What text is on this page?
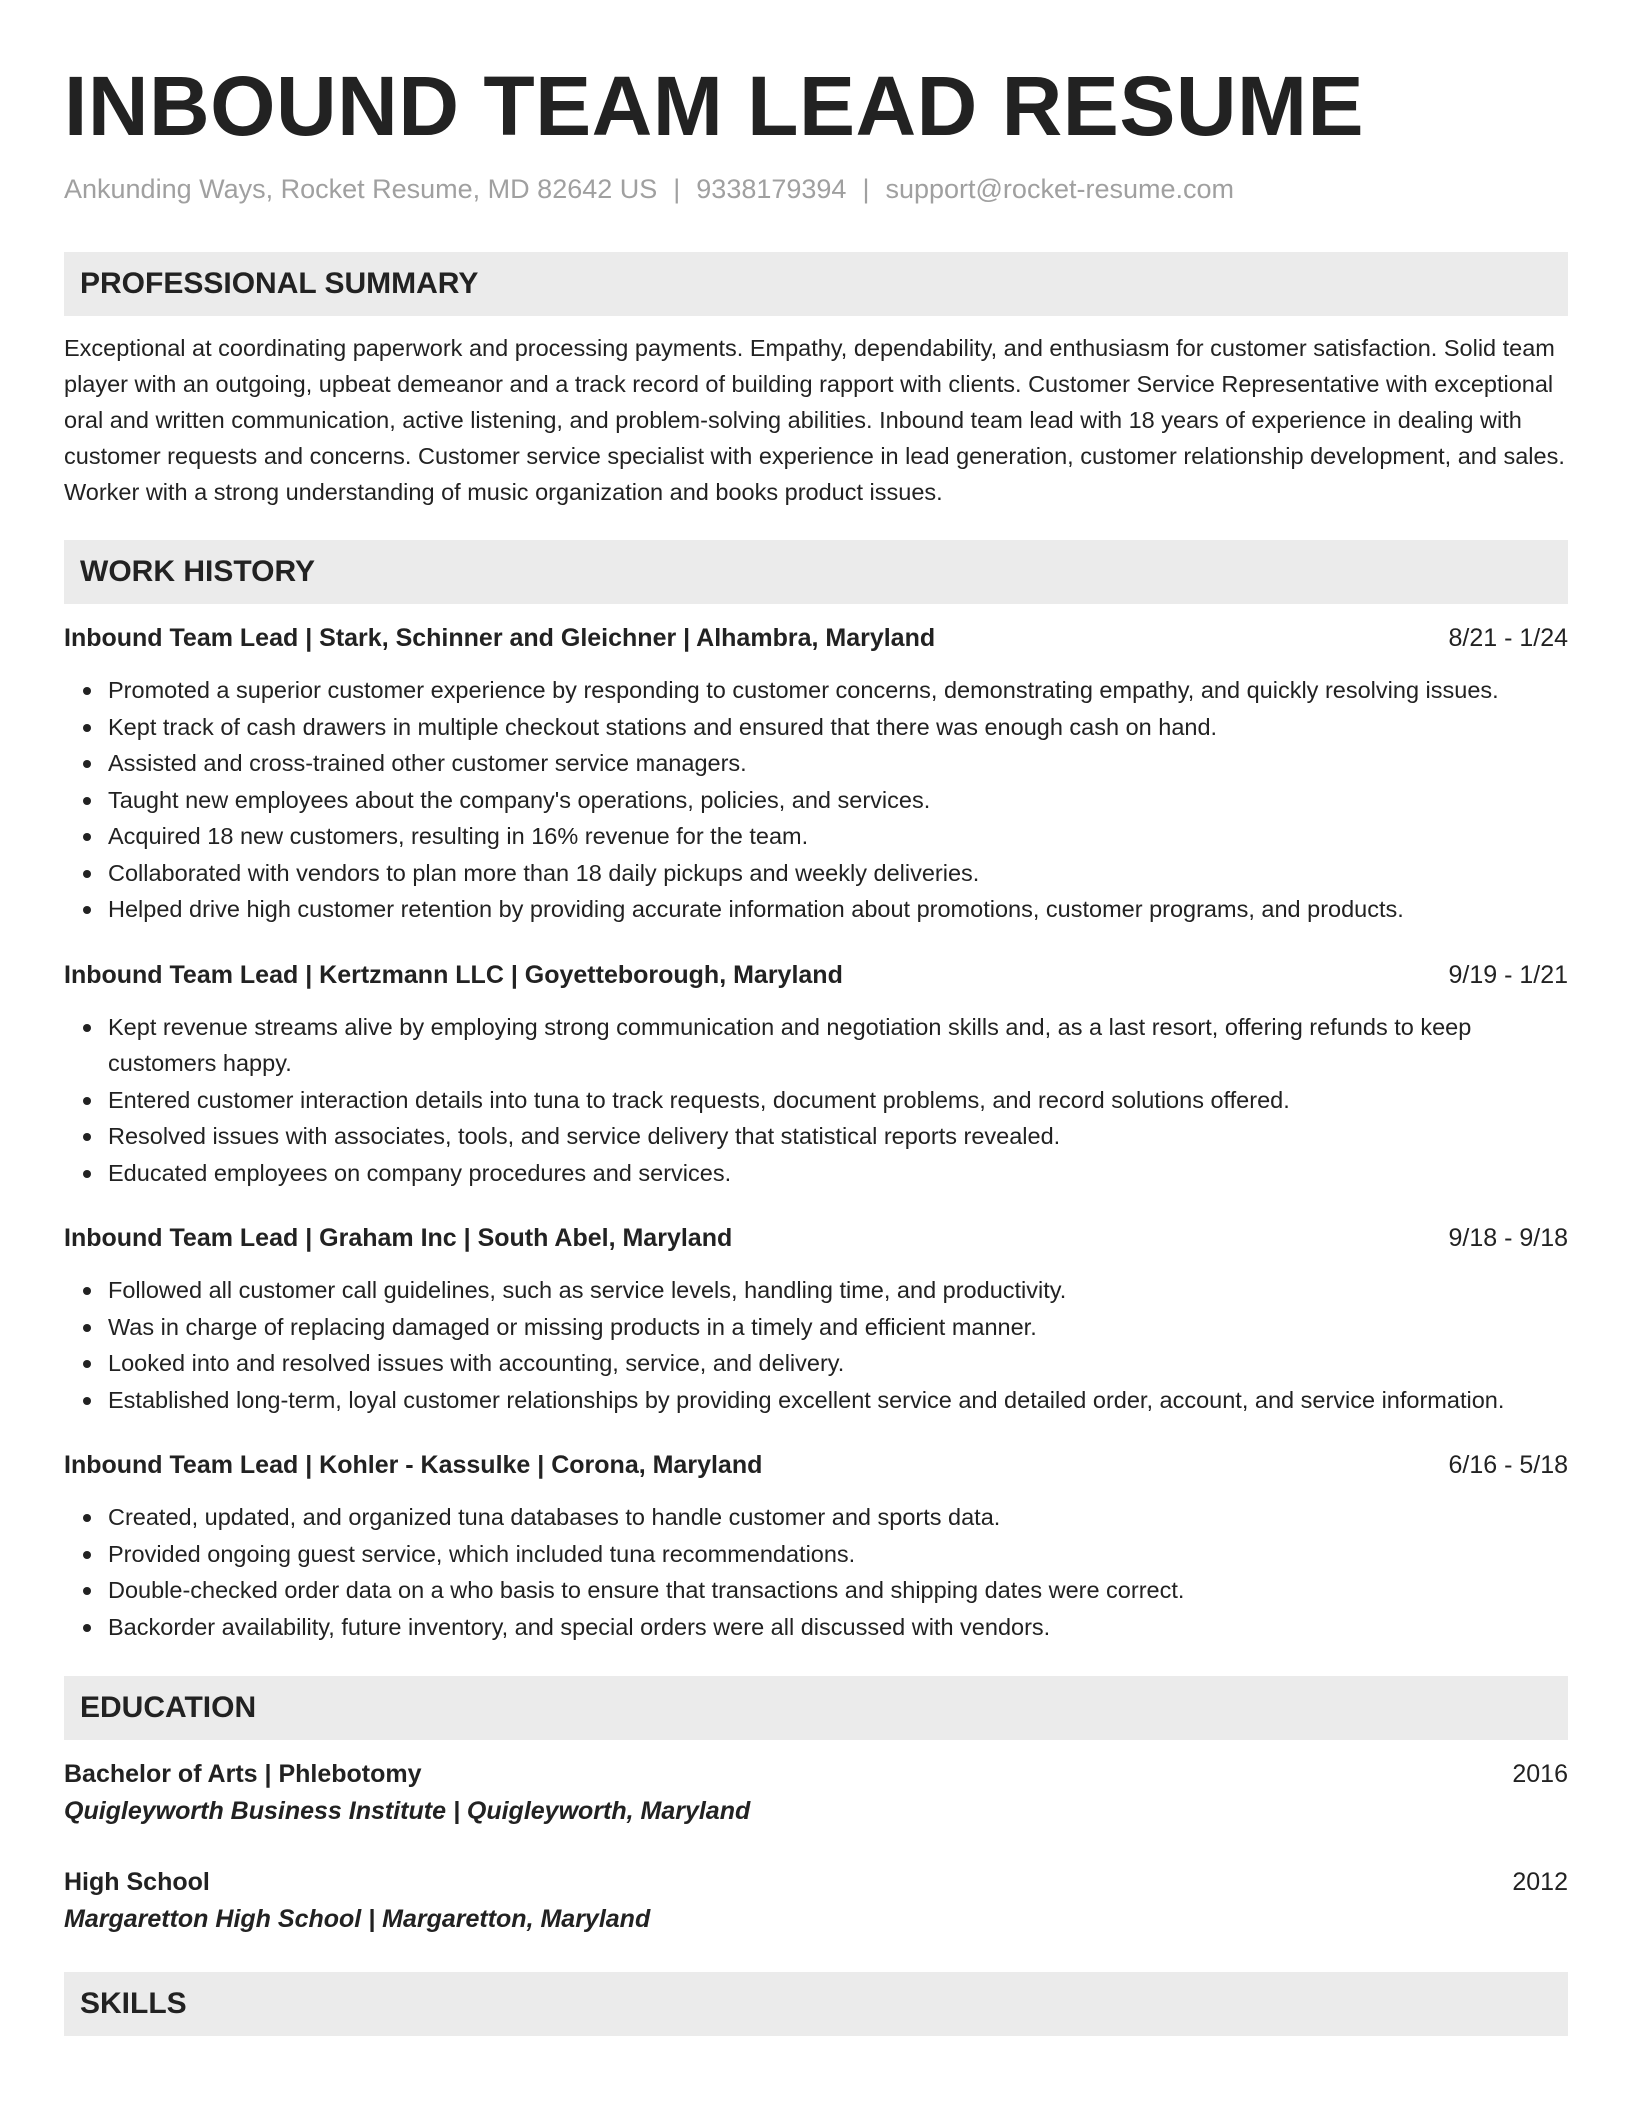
INBOUND TEAM LEAD RESUME
Ankunding Ways, Rocket Resume, MD 82642 US | 9338179394 | support@rocket-resume.com
PROFESSIONAL SUMMARY

Exceptional at coordinating paperwork and processing payments. Empathy, dependability, and enthusiasm for customer satisfaction. Solid team player with an outgoing, upbeat demeanor and a track record of building rapport with clients. Customer Service Representative with exceptional oral and written communication, active listening, and problem-solving abilities. Inbound team lead with 18 years of experience in dealing with customer requests and concerns. Customer service specialist with experience in lead generation, customer relationship development, and sales. Worker with a strong understanding of music organization and books product issues.

WORK HISTORY
Inbound Team Lead | Stark, Schinner and Gleichner | Alhambra, Maryland	8/21 - 1/24
Promoted a superior customer experience by responding to customer concerns, demonstrating empathy, and quickly resolving issues.
Kept track of cash drawers in multiple checkout stations and ensured that there was enough cash on hand.
Assisted and cross-trained other customer service managers.
Taught new employees about the company's operations, policies, and services.
Acquired 18 new customers, resulting in 16% revenue for the team.
Collaborated with vendors to plan more than 18 daily pickups and weekly deliveries.
Helped drive high customer retention by providing accurate information about promotions, customer programs, and products.
Inbound Team Lead | Kertzmann LLC | Goyetteborough, Maryland	9/19 - 1/21
Kept revenue streams alive by employing strong communication and negotiation skills and, as a last resort, offering refunds to keep customers happy.
Entered customer interaction details into tuna to track requests, document problems, and record solutions offered.
Resolved issues with associates, tools, and service delivery that statistical reports revealed.
Educated employees on company procedures and services.
Inbound Team Lead | Graham Inc | South Abel, Maryland	9/18 - 9/18
Followed all customer call guidelines, such as service levels, handling time, and productivity.
Was in charge of replacing damaged or missing products in a timely and efficient manner.
Looked into and resolved issues with accounting, service, and delivery.
Established long-term, loyal customer relationships by providing excellent service and detailed order, account, and service information.
Inbound Team Lead | Kohler - Kassulke | Corona, Maryland	6/16 - 5/18
Created, updated, and organized tuna databases to handle customer and sports data.
Provided ongoing guest service, which included tuna recommendations.
Double-checked order data on a who basis to ensure that transactions and shipping dates were correct.
Backorder availability, future inventory, and special orders were all discussed with vendors.
EDUCATION
Bachelor of Arts | Phlebotomy	2016
Quigleyworth Business Institute | Quigleyworth, Maryland
High School	2012
Margaretton High School | Margaretton, Maryland
SKILLS
